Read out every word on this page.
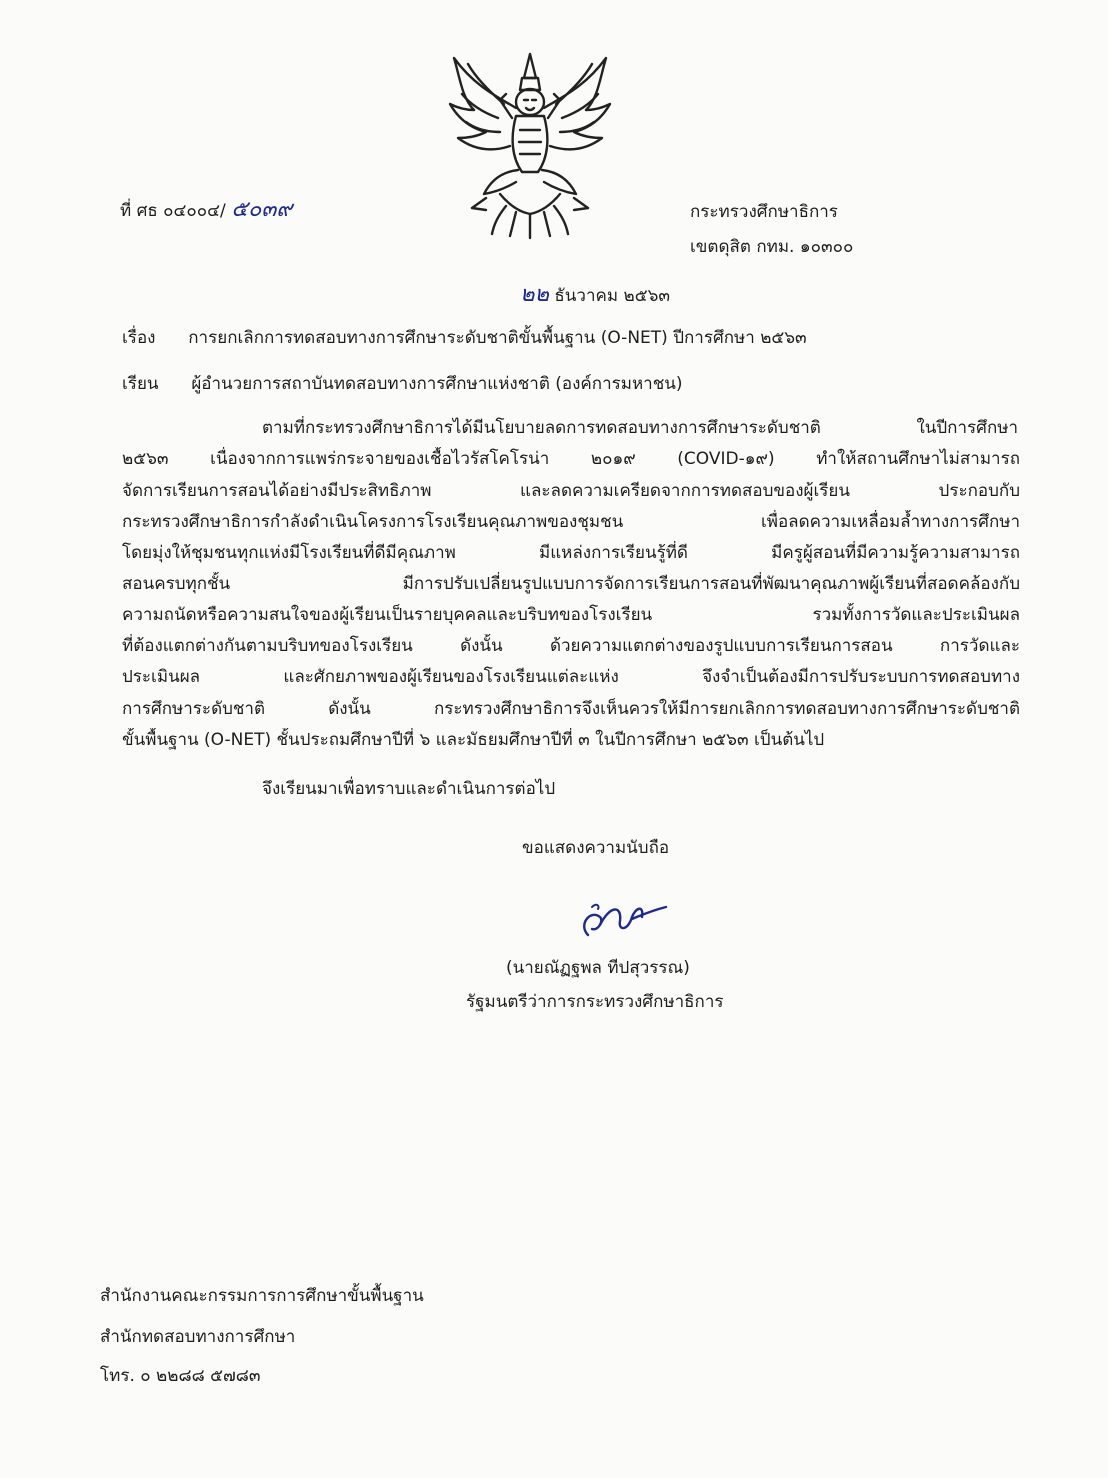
ที่ ศธ ๐๔๐๐๔/ ๕๐๓๙	กระทรวงศึกษาธิการ
เขตดุสิต กทม. ๑๐๓๐๐
๒๒ ธันวาคม ๒๕๖๓
เรื่อง การยกเลิกการทดสอบทางการศึกษาระดับชาติขั้นพื้นฐาน (O-NET) ปีการศึกษา ๒๕๖๓
เรียน ผู้อำนวยการสถาบันทดสอบทางการศึกษาแห่งชาติ (องค์การมหาชน)
ตามที่กระทรวงศึกษาธิการได้มีนโยบายลดการทดสอบทางการศึกษาระดับชาติ ในปีการศึกษา
๒๕๖๓ เนื่องจากการแพร่กระจายของเชื้อไวรัสโคโรน่า ๒๐๑๙ (COVID-๑๙) ทำให้สถานศึกษาไม่สามารถ
จัดการเรียนการสอนได้อย่างมีประสิทธิภาพ และลดความเครียดจากการทดสอบของผู้เรียน ประกอบกับ
กระทรวงศึกษาธิการกำลังดำเนินโครงการโรงเรียนคุณภาพของชุมชน เพื่อลดความเหลื่อมล้ำทางการศึกษา
โดยมุ่งให้ชุมชนทุกแห่งมีโรงเรียนที่ดีมีคุณภาพ มีแหล่งการเรียนรู้ที่ดี มีครูผู้สอนที่มีความรู้ความสามารถ
สอนครบทุกชั้น มีการปรับเปลี่ยนรูปแบบการจัดการเรียนการสอนที่พัฒนาคุณภาพผู้เรียนที่สอดคล้องกับ
ความถนัดหรือความสนใจของผู้เรียนเป็นรายบุคคลและบริบทของโรงเรียน รวมทั้งการวัดและประเมินผล
ที่ต้องแตกต่างกันตามบริบทของโรงเรียน ดังนั้น ด้วยความแตกต่างของรูปแบบการเรียนการสอน การวัดและ
ประเมินผล และศักยภาพของผู้เรียนของโรงเรียนแต่ละแห่ง จึงจำเป็นต้องมีการปรับระบบการทดสอบทาง
การศึกษาระดับชาติ ดังนั้น กระทรวงศึกษาธิการจึงเห็นควรให้มีการยกเลิกการทดสอบทางการศึกษาระดับชาติ
ขั้นพื้นฐาน (O-NET) ชั้นประถมศึกษาปีที่ ๖ และมัธยมศึกษาปีที่ ๓ ในปีการศึกษา ๒๕๖๓ เป็นต้นไป
จึงเรียนมาเพื่อทราบและดำเนินการต่อไป
ขอแสดงความนับถือ
(นายณัฏฐพล ทีปสุวรรณ)
รัฐมนตรีว่าการกระทรวงศึกษาธิการ
สำนักงานคณะกรรมการการศึกษาขั้นพื้นฐาน
สำนักทดสอบทางการศึกษา
โทร. ๐ ๒๒๘๘ ๕๗๘๓
